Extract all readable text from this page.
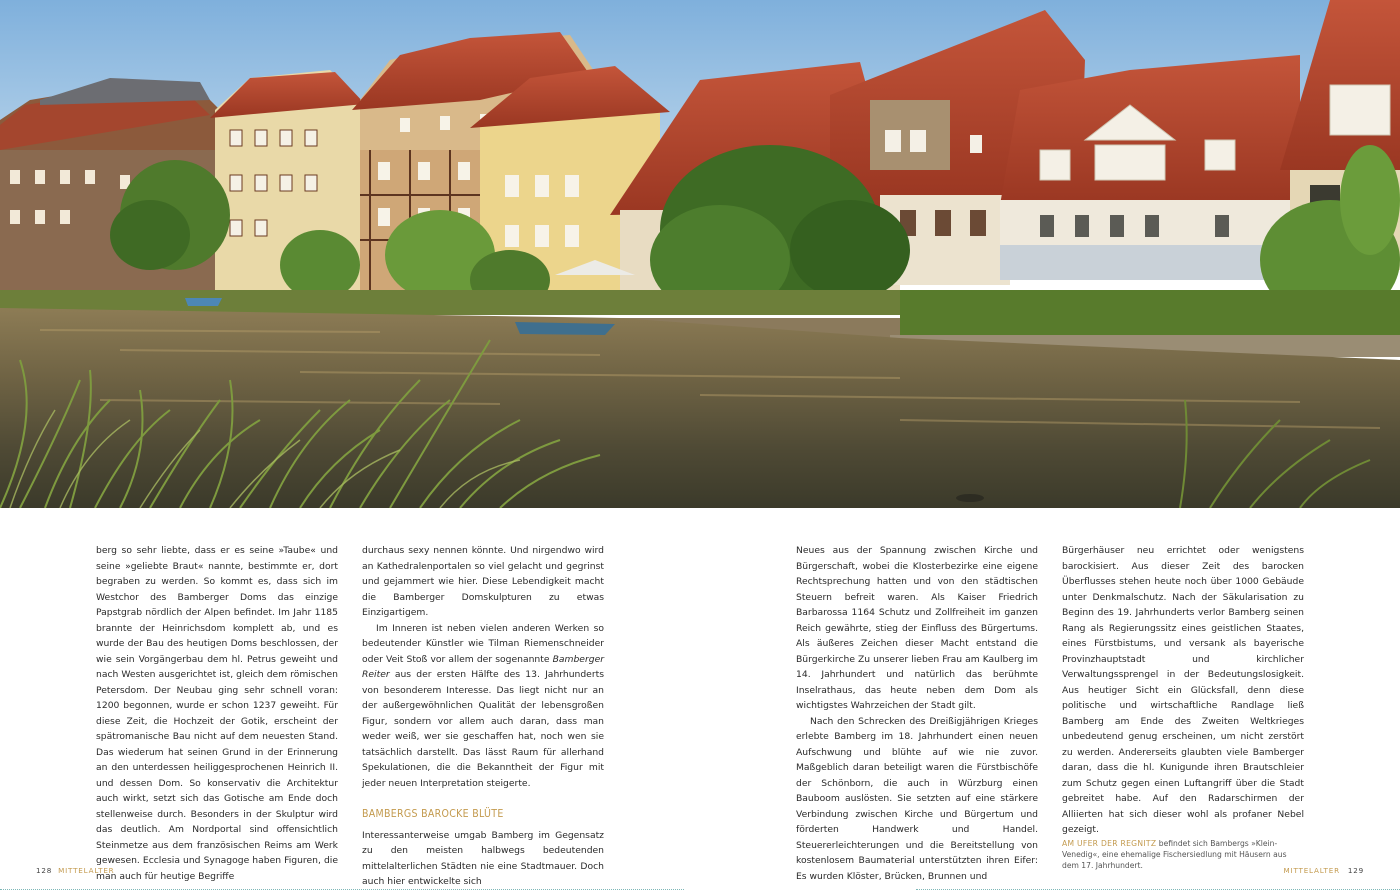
berg so sehr liebte, dass er es seine »Taube« und seine »geliebte Braut« nannte, bestimmte er, dort begraben zu werden. So kommt es, dass sich im Westchor des Bamberger Doms das einzige Papstgrab nördlich der Alpen befindet. Im Jahr 1185 brannte der Heinrichsdom komplett ab, und es wurde der Bau des heutigen Doms beschlossen, der wie sein Vorgängerbau dem hl. Petrus geweiht und nach Westen ausgerichtet ist, gleich dem römischen Petersdom. Der Neubau ging sehr schnell voran: 1200 begonnen, wurde er schon 1237 geweiht. Für diese Zeit, die Hochzeit der Gotik, erscheint der spätromanische Bau nicht auf dem neuesten Stand. Das wiederum hat seinen Grund in der Erinnerung an den unterdessen heiliggesprochenen Heinrich II. und dessen Dom. So konservativ die Architektur auch wirkt, setzt sich das Gotische am Ende doch stellenweise durch. Besonders in der Skulptur wird das deutlich. Am Nordportal sind offensichtlich Steinmetze aus dem französischen Reims am Werk gewesen. Ecclesia und Synagoge haben Figuren, die man auch für heutige Begriffe

durchaus sexy nennen könnte. Und nirgendwo wird an Kathedralenportalen so viel gelacht und gegrinst und gejammert wie hier. Diese Lebendigkeit macht die Bamberger Domskulpturen zu etwas Einzigartigem.

Im Inneren ist neben vielen anderen Werken so bedeutender Künstler wie Tilman Riemenschneider oder Veit Stoß vor allem der sogenannte Bamberger Reiter aus der ersten Hälfte des 13. Jahrhunderts von besonderem Interesse. Das liegt nicht nur an der außergewöhnlichen Qualität der lebensgroßen Figur, sondern vor allem auch daran, dass man weder weiß, wer sie geschaffen hat, noch wen sie tatsächlich darstellt. Das lässt Raum für allerhand Spekulationen, die die Bekanntheit der Figur mit jeder neuen Interpretation steigerte.

BAMBERGS BAROCKE BLÜTE

Interessanterweise umgab Bamberg im Gegensatz zu den meisten halbwegs bedeutenden mittelalterlichen Städten nie eine Stadtmauer. Doch auch hier entwickelte sich

Neues aus der Spannung zwischen Kirche und Bürgerschaft, wobei die Klosterbezirke eine eigene Rechtsprechung hatten und von den städtischen Steuern befreit waren. Als Kaiser Friedrich Barbarossa 1164 Schutz und Zollfreiheit im ganzen Reich gewährte, stieg der Einfluss des Bürgertums. Als äußeres Zeichen dieser Macht entstand die Bürgerkirche Zu unserer lieben Frau am Kaulberg im 14. Jahrhundert und natürlich das berühmte Inselrathaus, das heute neben dem Dom als wichtigstes Wahrzeichen der Stadt gilt.

Nach den Schrecken des Dreißigjährigen Krieges erlebte Bamberg im 18. Jahrhundert einen neuen Aufschwung und blühte auf wie nie zuvor. Maßgeblich daran beteiligt waren die Fürstbischöfe der Schönborn, die auch in Würzburg einen Bauboom auslösten. Sie setzten auf eine stärkere Verbindung zwischen Kirche und Bürgertum und förderten Handwerk und Handel. Steuererleichterungen und die Bereitstellung von kostenlosem Baumaterial unterstützten ihren Eifer: Es wurden Klöster, Brücken, Brunnen und

Bürgerhäuser neu errichtet oder wenigstens barockisiert. Aus dieser Zeit des barocken Überflusses stehen heute noch über 1000 Gebäude unter Denkmalschutz. Nach der Säkularisation zu Beginn des 19. Jahrhunderts verlor Bamberg seinen Rang als Regierungssitz eines geistlichen Staates, eines Fürstbistums, und versank als bayerische Provinzhauptstadt und kirchlicher Verwaltungssprengel in der Bedeutungslosigkeit. Aus heutiger Sicht ein Glücksfall, denn diese politische und wirtschaftliche Randlage ließ Bamberg am Ende des Zweiten Weltkrieges unbedeutend genug erscheinen, um nicht zerstört zu werden. Andererseits glaubten viele Bamberger daran, dass die hl. Kunigunde ihren Brautschleier zum Schutz gegen einen Luftangriff über die Stadt gebreitet habe. Auf den Radarschirmen der Alliierten hat sich dieser wohl als profaner Nebel gezeigt.

AM UFER DER REGNITZ befindet sich Bambergs »Klein-Venedig«, eine ehemalige Fischersiedlung mit Häusern aus dem 17. Jahrhundert.

128 MITTELALTER	MITTELALTER 129
